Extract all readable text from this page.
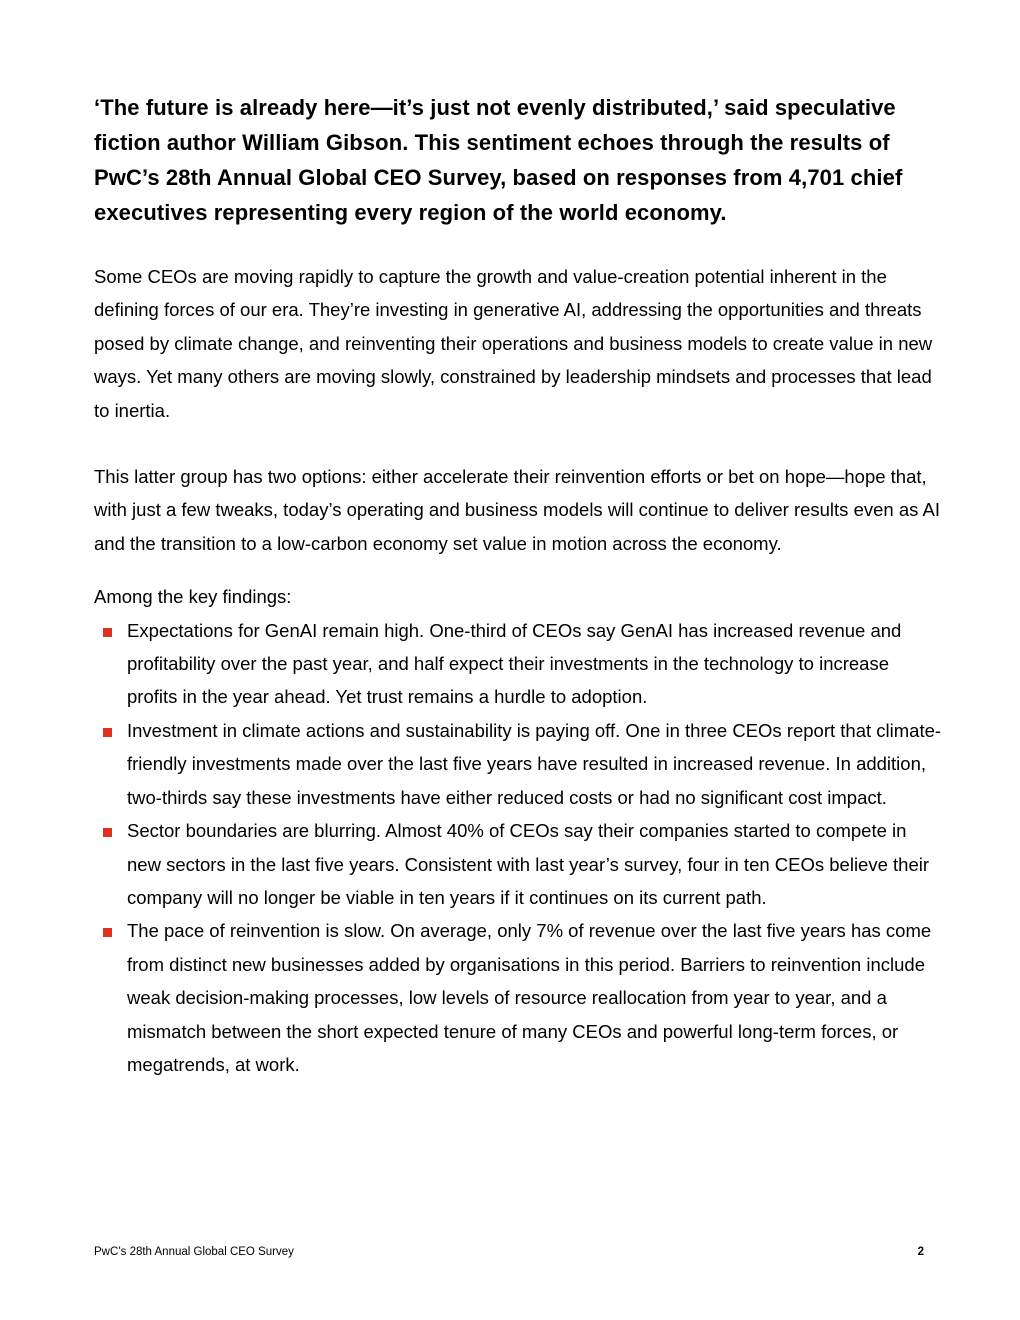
‘The future is already here—it’s just not evenly distributed,’ said speculative fiction author William Gibson. This sentiment echoes through the results of PwC’s 28th Annual Global CEO Survey, based on responses from 4,701 chief executives representing every region of the world economy.

Some CEOs are moving rapidly to capture the growth and value-creation potential inherent in the defining forces of our era. They’re investing in generative AI, addressing the opportunities and threats posed by climate change, and reinventing their operations and business models to create value in new ways. Yet many others are moving slowly, constrained by leadership mindsets and processes that lead to inertia.

This latter group has two options: either accelerate their reinvention efforts or bet on hope—hope that, with just a few tweaks, today’s operating and business models will continue to deliver results even as AI and the transition to a low-carbon economy set value in motion across the economy.

Among the key findings:

Expectations for GenAI remain high. One-third of CEOs say GenAI has increased revenue and profitability over the past year, and half expect their investments in the technology to increase profits in the year ahead. Yet trust remains a hurdle to adoption.
Investment in climate actions and sustainability is paying off. One in three CEOs report that climate-friendly investments made over the last five years have resulted in increased revenue. In addition, two-thirds say these investments have either reduced costs or had no significant cost impact.
Sector boundaries are blurring. Almost 40% of CEOs say their companies started to compete in new sectors in the last five years. Consistent with last year’s survey, four in ten CEOs believe their company will no longer be viable in ten years if it continues on its current path.
The pace of reinvention is slow. On average, only 7% of revenue over the last five years has come from distinct new businesses added by organisations in this period. Barriers to reinvention include weak decision-making processes, low levels of resource reallocation from year to year, and a mismatch between the short expected tenure of many CEOs and powerful long-term forces, or megatrends, at work.
PwC’s 28th Annual Global CEO Survey	2
